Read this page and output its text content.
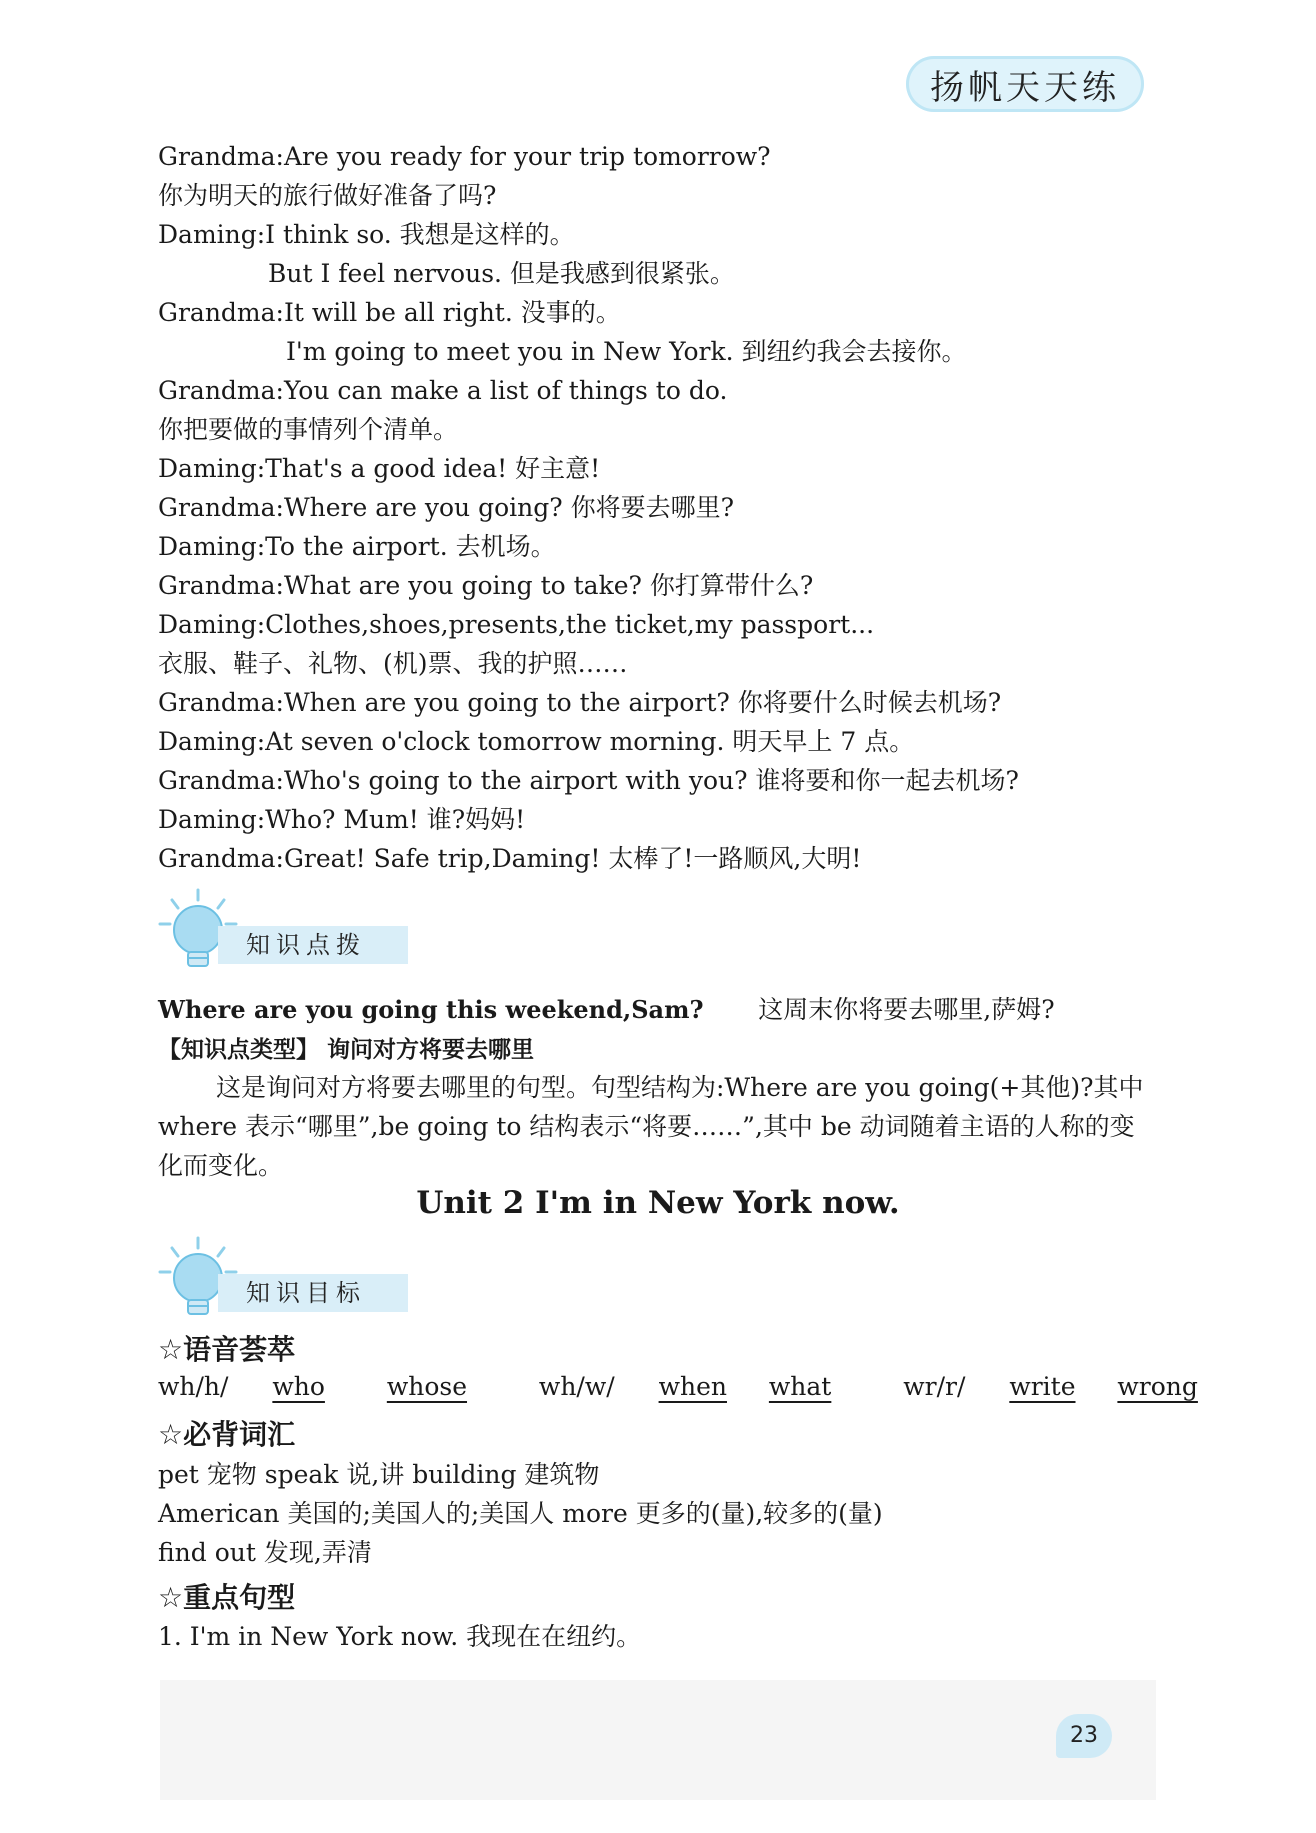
扬帆天天练
Grandma:Are you ready for your trip tomorrow?
你为明天的旅行做好准备了吗?
Daming:I think so. 我想是这样的。
But I feel nervous. 但是我感到很紧张。
Grandma:It will be all right. 没事的。
I'm going to meet you in New York. 到纽约我会去接你。
Grandma:You can make a list of things to do.
你把要做的事情列个清单。
Daming:That's a good idea! 好主意!
Grandma:Where are you going? 你将要去哪里?
Daming:To the airport. 去机场。
Grandma:What are you going to take? 你打算带什么?
Daming:Clothes,shoes,presents,the ticket,my passport...
衣服、鞋子、礼物、(机)票、我的护照……
Grandma:When are you going to the airport? 你将要什么时候去机场?
Daming:At seven o'clock tomorrow morning. 明天早上 7 点。
Grandma:Who's going to the airport with you? 谁将要和你一起去机场?
Daming:Who? Mum! 谁?妈妈!
Grandma:Great! Safe trip,Daming! 太棒了!一路顺风,大明!
知识点拨
Where are you going this weekend,Sam? 这周末你将要去哪里,萨姆?
【知识点类型】 询问对方将要去哪里
这是询问对方将要去哪里的句型。句型结构为:Where are you going(+其他)?其中 where 表示“哪里”,be going to 结构表示“将要……”,其中 be 动词随着主语的人称的变化而变化。
Unit 2 I'm in New York now.
知识目标
☆语音荟萃
wh/h/ who whose	wh/w/ when what	wr/r/ write wrong
☆必背词汇
pet 宠物 speak 说,讲 building 建筑物
American 美国的;美国人的;美国人 more 更多的(量),较多的(量)
find out 发现,弄清
☆重点句型
1. I'm in New York now. 我现在在纽约。
23
